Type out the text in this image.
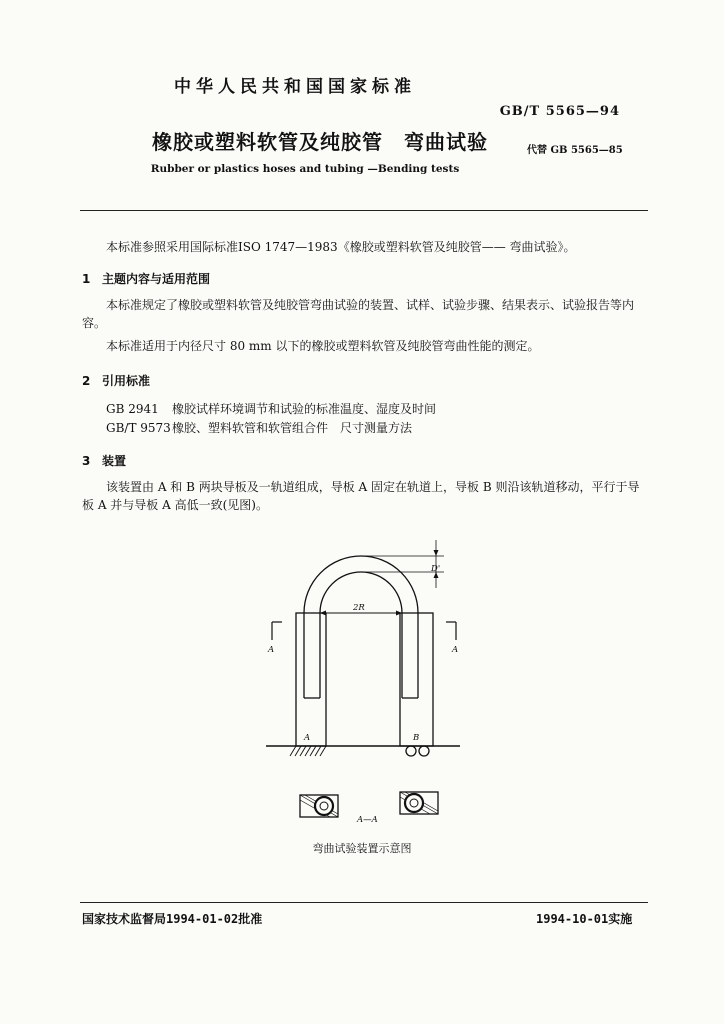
中华人民共和国国家标准
GB/T 5565—94
橡胶或塑料软管及纯胶管　弯曲试验	代替 GB 5565—85
Rubber or plastics hoses and tubing —Bending tests
本标准参照采用国际标准ISO 1747—1983《橡胶或塑料软管及纯胶管—— 弯曲试验》。
1 主题内容与适用范围
本标准规定了橡胶或塑料软管及纯胶管弯曲试验的装置、试样、试验步骤、结果表示、试验报告等内容。
本标准适用于内径尺寸 80 mm 以下的橡胶或塑料软管及纯胶管弯曲性能的测定。
2 引用标准
GB 2941 橡胶试样环境调节和试验的标准温度、湿度及时间
GB/T 9573橡胶、塑料软管和软管组合件　尺寸测量方法
3 装置
该装置由 A 和 B 两块导板及一轨道组成，导板 A 固定在轨道上，导板 B 则沿该轨道移动，平行于导板 A 并与导板 A 高低一致(见图)。
D'
2R
A	A
A	B
A—A
弯曲试验装置示意图
国家技术监督局1994-01-02批准	1994-10-01实施
